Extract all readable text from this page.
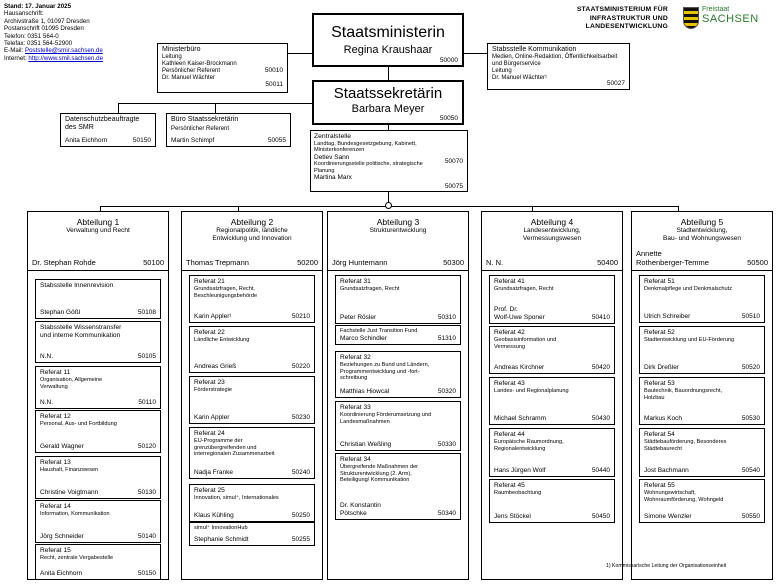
Stand: 17. Januar 2025
Hausanschrift:
Archivstraße 1, 01097 Dresden
Postanschrift 01095 Dresden
Telefon: 0351 564-0
Telefax: 0351 564-52900
E-Mail: Poststelle@smir.sachsen.de
Internet: http://www.smil.sachsen.de
STAATSMINISTERIUM FÜR
INFRASTRUKTUR UND
LANDESENTWICKLUNG
Freistaat
SACHSEN
Staatsministerin
Regina Kraushaar
50000
Ministerbüro
Leitung
Kathleen Kaiser-Brockmann
Persönlicher Referent
Dr. Manuel Wächter
50010
50011
Stabsstelle Kommunikation
Medien, Online-Redaktion, Öffentlichkeitsarbeit
und Bürgerservice
Leitung
Dr. Manuel Wächter¹
50027
Staatssekretärin
Barbara Meyer
50050
Datenschutzbeauftragte
des SMR
Anita Eichhorn	50150
Büro Staatssekretärin
Persönlicher Referent
Martin Schimpf	50055
Zentralstelle
Landtag, Bundesgesetzgebung, Kabinett,
Ministerkonferenzen
Detlev Sann
Koordinierungsstelle politische, strategische
Planung
Martina Marx
50070
50075
Abteilung 1
Verwaltung und Recht
Dr. Stephan Rohde	50100
Stabsstelle Innenrevision
Stephan Gößl	50108
Stabsstelle Wissenstransfer
und interne Kommunikation
N.N.	50105
Referat 11
Organisation, Allgemeine
Verwaltung
N.N.	50110
Referat 12
Personal, Aus- und Fortbildung
Gerald Wagner	50120
Referat 13
Haushalt, Finanzwesen
Christine Voigtmann	50130
Referat 14
Information, Kommunikation
Jörg Schneider	50140
Referat 15
Recht, zentrale Vergabestelle
Anita Eichhorn	50150
Abteilung 2
Regionalpolitik, ländliche
Entwicklung und Innovation
Thomas Trepmann	50200
Referat 21
Grundsatzfragen, Recht,
Beschleunigungsbehörde
Karin Appler¹	50210
Referat 22
Ländliche Entwicklung
Andreas Grieß	50220
Referat 23
Förderstrategie
Karin Appler	50230
Referat 24
EU-Programme der
grenzübergreifenden und
interregionalen Zusammenarbeit
Nadja Franke	50240
Referat 25
Innovation, simul⁺, Internationales
Klaus Kühling	50250
simul⁺ InnovationHub
Stephanie Schmidt	50255
Abteilung 3
Strukturentwicklung
Jörg Huntemann	50300
Referat 31
Grundsatzfragen, Recht
Peter Rösler	50310
Fachstelle Just Transition Fund
Marco Schindler	51310
Referat 32
Beziehungen zu Bund und Ländern,
Programmentwicklung und -fort-
schreibung
Matthias Hiowcal	50320
Referat 33
Koordinierung Förderumsetzung und
Landesmaßnahmen
Christian Weßling	50330
Referat 34
Übergreifende Maßnahmen der
Strukturentwicklung (2. Arm),
Beteiligung/ Kommunikation
Dr. Konstantin
Pötschke	50340
Abteilung 4
Landesentwicklung,
Vermessungswesen
N. N.	50400
Referat 41
Grundsatzfragen, Recht
Prof. Dr.
Wolf-Uwe Sponer	50410
Referat 42
Geobasisinformation und
Vermessung
Andreas Kirchner	50420
Referat 43
Landes- und Regionalplanung
Michael Schramm	50430
Referat 44
Europäische Raumordnung,
Regionalentwicklung
Hans Jürgen Wolf	50440
Referat 45
Raumbeobachtung
Jens Stöckel	50450
Abteilung 5
Stadtentwicklung,
Bau- und Wohnungswesen
Annette
Rothenberger-Temme	50500
Referat 51
Denkmalpflege und Denkmalschutz
Ulrich Schreiber	50510
Referat 52
Stadtentwicklung und EU-Förderung
Dirk Dreßler	50520
Referat 53
Bautechnik, Bauordnungsrecht,
Holzbau
Markus Koch	50530
Referat 54
Städtebauförderung, Besonderes
Städtebaurecht
Jost Bachmann	50540
Referat 55
Wohnungswirtschaft,
Wohnraumförderung, Wohngeld
Simone Wenzler	50550
1) Kommissarische Leitung der Organisationseinheit
